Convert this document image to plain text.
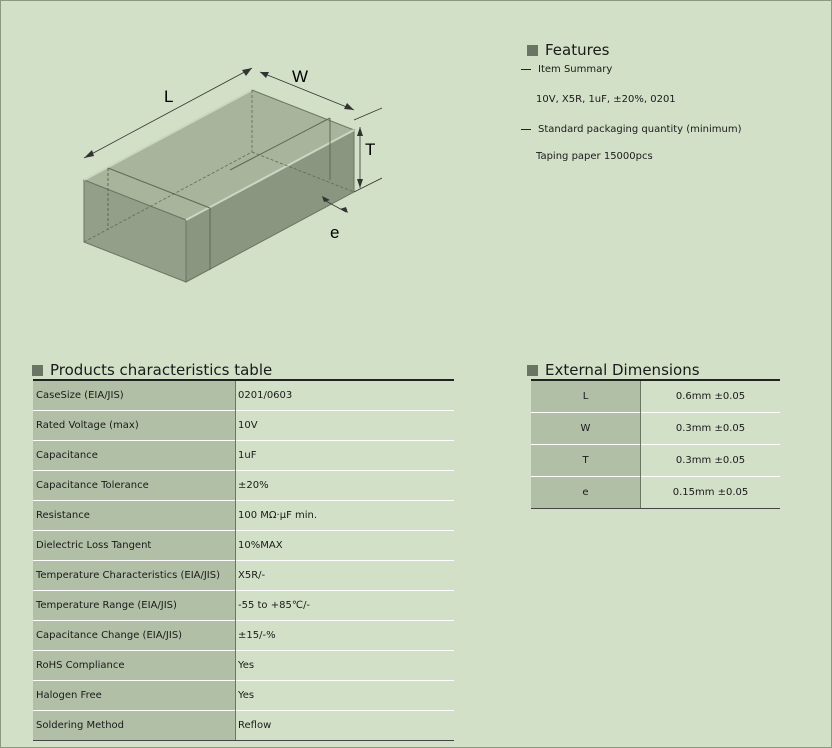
L
W
T
e
Features
Item Summary
10V, X5R, 1uF, ±20%, 0201
Standard packaging quantity (minimum)
Taping paper 15000pcs
Products characteristics table
CaseSize (EIA/JIS)	0201/0603
Rated Voltage (max)	10V
Capacitance	1uF
Capacitance Tolerance	±20%
Resistance	100 MΩ·μF min.
Dielectric Loss Tangent	10%MAX
Temperature Characteristics (EIA/JIS)	X5R/-
Temperature Range (EIA/JIS)	-55 to +85℃/-
Capacitance Change (EIA/JIS)	±15/-%
RoHS Compliance	Yes
Halogen Free	Yes
Soldering Method	Reflow
External Dimensions
L	0.6mm ±0.05
W	0.3mm ±0.05
T	0.3mm ±0.05
e	0.15mm ±0.05
